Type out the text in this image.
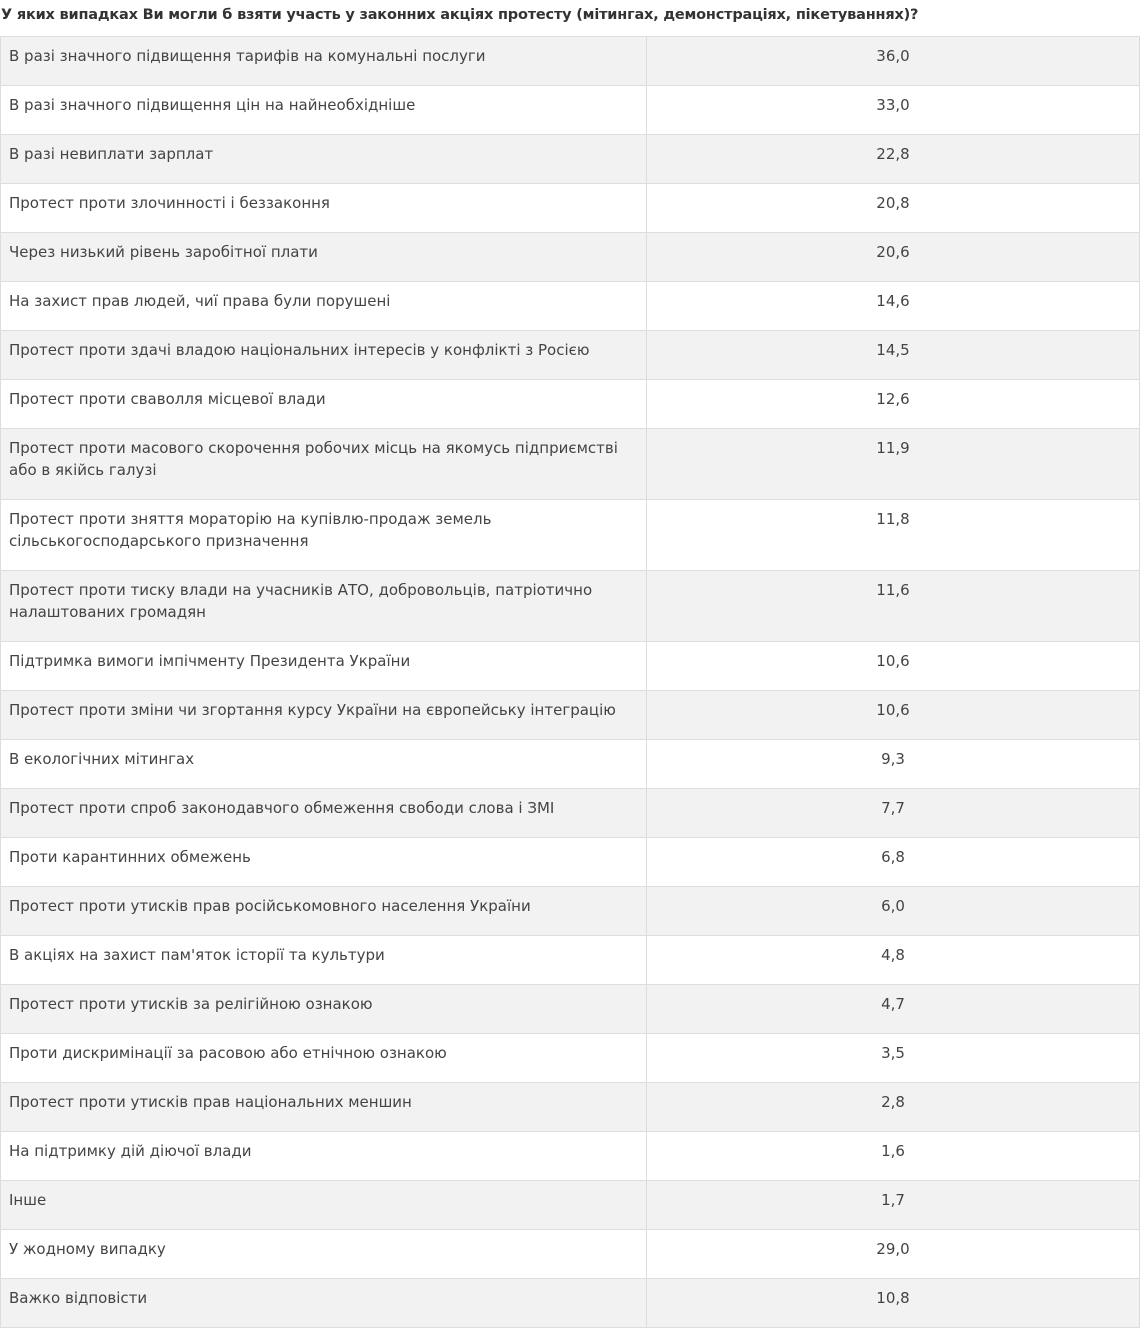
У яких випадках Ви могли б взяти участь у законних акціях протесту (мітингах, демонстраціях, пікетуваннях)?
В разі значного підвищення тарифів на комунальні послуги	36,0
В разі значного підвищення цін на найнеобхідніше	33,0
В разі невиплати зарплат	22,8
Протест проти злочинності і беззаконня	20,8
Через низький рівень заробітної плати	20,6
На захист прав людей, чиї права були порушені	14,6
Протест проти здачі владою національних інтересів у конфлікті з Росією	14,5
Протест проти сваволля місцевої влади	12,6
Протест проти масового скорочення робочих місць на якомусь підприємстві або в якійсь галузі	11,9
Протест проти зняття мораторію на купівлю-продаж земель сільськогосподарського призначення	11,8
Протест проти тиску влади на учасників АТО, добровольців, патріотично налаштованих громадян	11,6
Підтримка вимоги імпічменту Президента України	10,6
Протест проти зміни чи згортання курсу України на європейську інтеграцію	10,6
В екологічних мітингах	9,3
Протест проти спроб законодавчого обмеження свободи слова і ЗМІ	7,7
Проти карантинних обмежень	6,8
Протест проти утисків прав російськомовного населення України	6,0
В акціях на захист пам'яток історії та культури	4,8
Протест проти утисків за релігійною ознакою	4,7
Проти дискримінації за расовою або етнічною ознакою	3,5
Протест проти утисків прав національних меншин	2,8
На підтримку дій діючої влади	1,6
Інше	1,7
У жодному випадку	29,0
Важко відповісти	10,8
